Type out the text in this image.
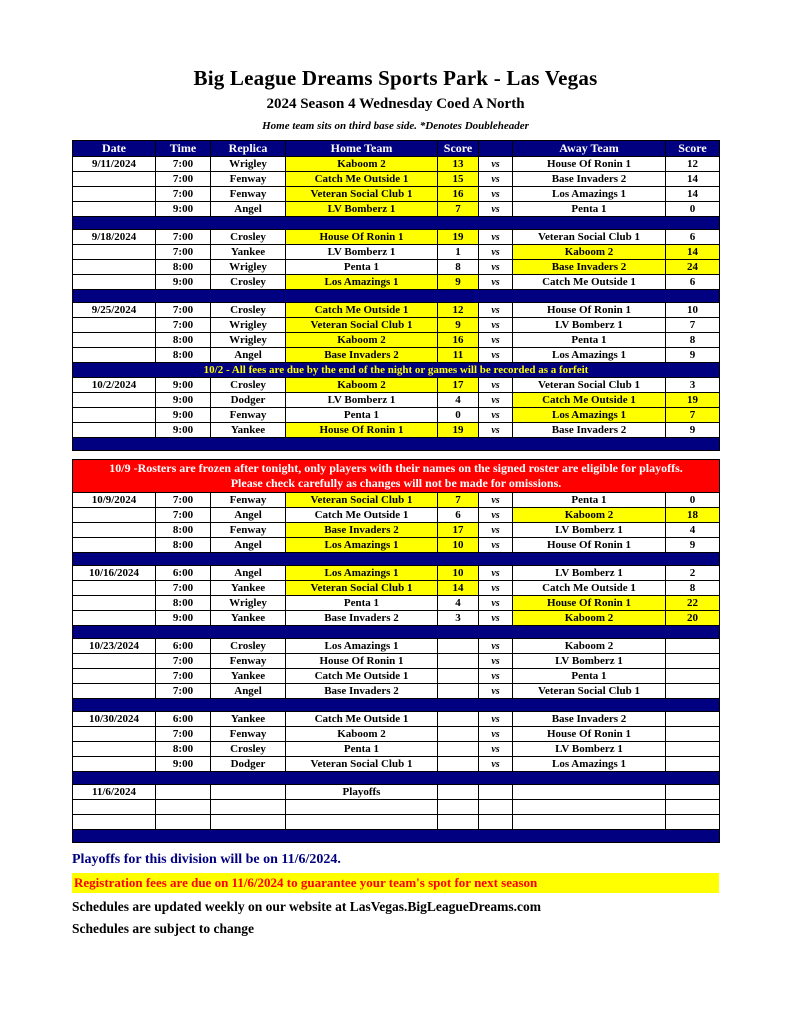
Big League Dreams Sports Park - Las Vegas
2024 Season 4 Wednesday Coed A North
Home team sits on third base side. *Denotes Doubleheader
Date	Time	Replica	Home Team	Score		Away Team	Score
9/11/2024	7:00	Wrigley	Kaboom 2	13	vs	House Of Ronin 1	12
	7:00	Fenway	Catch Me Outside 1	15	vs	Base Invaders 2	14
	7:00	Fenway	Veteran Social Club 1	16	vs	Los Amazings 1	14
	9:00	Angel	LV Bomberz 1	7	vs	Penta 1	0

9/18/2024	7:00	Crosley	House Of Ronin 1	19	vs	Veteran Social Club 1	6
	7:00	Yankee	LV Bomberz 1	1	vs	Kaboom 2	14
	8:00	Wrigley	Penta 1	8	vs	Base Invaders 2	24
	9:00	Crosley	Los Amazings 1	9	vs	Catch Me Outside 1	6

9/25/2024	7:00	Crosley	Catch Me Outside 1	12	vs	House Of Ronin 1	10
	7:00	Wrigley	Veteran Social Club 1	9	vs	LV Bomberz 1	7
	8:00	Wrigley	Kaboom 2	16	vs	Penta 1	8
	8:00	Angel	Base Invaders 2	11	vs	Los Amazings 1	9
10/2 - All fees are due by the end of the night or games will be recorded as a forfeit							
10/2/2024	9:00	Crosley	Kaboom 2	17	vs	Veteran Social Club 1	3
	9:00	Dodger	LV Bomberz 1	4	vs	Catch Me Outside 1	19
	9:00	Fenway	Penta 1	0	vs	Los Amazings 1	7
	9:00	Yankee	House Of Ronin 1	19	vs	Base Invaders 2	9

10/9 -Rosters are frozen after tonight, only players with their names on the signed roster are eligible for playoffs.
Please check carefully as changes will not be made for omissions.							

10/9/2024	7:00	Fenway	Veteran Social Club 1	7	vs	Penta 1	0
	7:00	Angel	Catch Me Outside 1	6	vs	Kaboom 2	18
	8:00	Fenway	Base Invaders 2	17	vs	LV Bomberz 1	4
	8:00	Angel	Los Amazings 1	10	vs	House Of Ronin 1	9

10/16/2024	6:00	Angel	Los Amazings 1	10	vs	LV Bomberz 1	2
	7:00	Yankee	Veteran Social Club 1	14	vs	Catch Me Outside 1	8
	8:00	Wrigley	Penta 1	4	vs	House Of Ronin 1	22
	9:00	Yankee	Base Invaders 2	3	vs	Kaboom 2	20

10/23/2024	6:00	Crosley	Los Amazings 1		vs	Kaboom 2	
	7:00	Fenway	House Of Ronin 1		vs	LV Bomberz 1	
	7:00	Yankee	Catch Me Outside 1		vs	Penta 1	
	7:00	Angel	Base Invaders 2		vs	Veteran Social Club 1	

10/30/2024	6:00	Yankee	Catch Me Outside 1		vs	Base Invaders 2	
	7:00	Fenway	Kaboom 2		vs	House Of Ronin 1	
	8:00	Crosley	Penta 1		vs	LV Bomberz 1	
	9:00	Dodger	Veteran Social Club 1		vs	Los Amazings 1	

11/6/2024			Playoffs				

Playoffs for this division will be on 11/6/2024.
Registration fees are due on 11/6/2024 to guarantee your team's spot for next season
Schedules are updated weekly on our website at LasVegas.BigLeagueDreams.com
Schedules are subject to change
